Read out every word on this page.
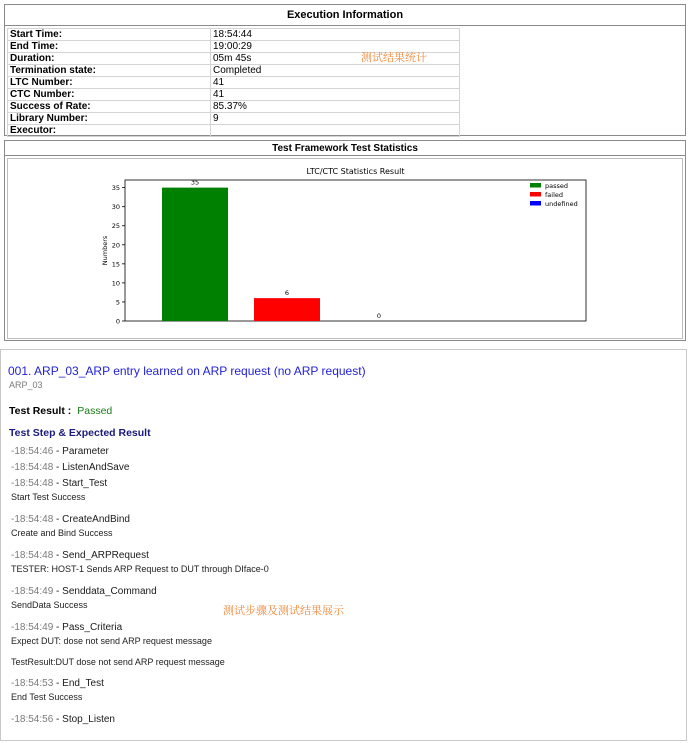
Execution Information
Start Time:	18:54:44
End Time:	19:00:29
Duration:	05m 45s
Termination state:	Completed
LTC Number:	41
CTC Number:	41
Success of Rate:	85.37%
Library Number:	9
Executor:	
测试结果统计
Test Framework Test Statistics
LTC/CTC Statistics Result
0
5
10
15
20
25
30
35
Numbers
35
6
0
passed
failed
undefined
001. ARP_03_ARP entry learned on ARP request (no ARP request)
ARP_03
Test Result : Passed
Test Step & Expected Result
-18:54:46 - Parameter
-18:54:48 - ListenAndSave
-18:54:48 - Start_Test
Start Test Success
-18:54:48 - CreateAndBind
Create and Bind Success
-18:54:48 - Send_ARPRequest
TESTER: HOST-1 Sends ARP Request to DUT through DIface-0
-18:54:49 - Senddata_Command
SendData Success
-18:54:49 - Pass_Criteria
Expect DUT: dose not send ARP request message
TestResult:DUT dose not send ARP request message
-18:54:53 - End_Test
End Test Success
-18:54:56 - Stop_Listen
测试步骤及测试结果展示
